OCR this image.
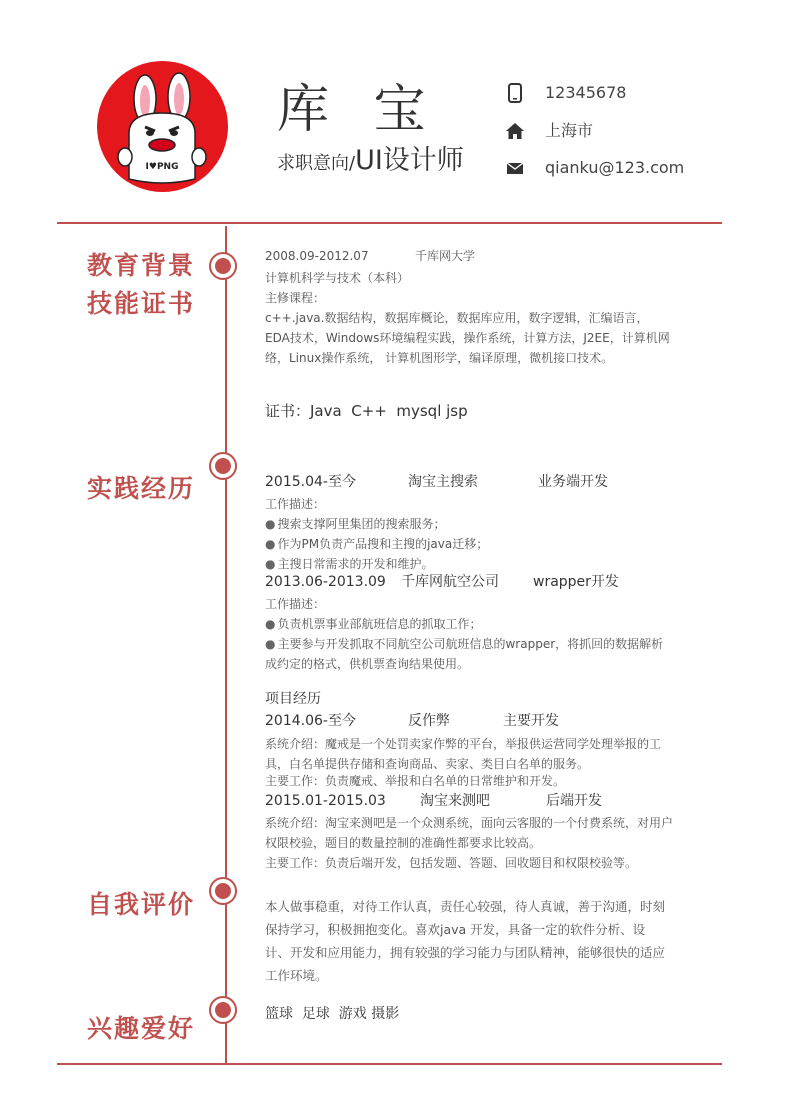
I♥PNG
库 宝
求职意向/UI设计师
12345678
上海市
qianku@123.com
教育背景
技能证书
实践经历
自我评价
兴趣爱好
2008.09-2012.07	千库网大学
计算机科学与技术（本科）
主修课程：
c++.java.数据结构，数据库概论，数据库应用，数字逻辑，汇编语言， EDA技术，Windows环境编程实践，操作系统，计算方法，J2EE，计算机网络，Linux操作系统， 计算机图形学，编译原理，微机接口技术。
证书：Java  C++  mysql jsp
2015.04-至今	淘宝主搜索	业务端开发
工作描述：
● 搜索支撑阿里集团的搜索服务；
● 作为PM负责产品搜和主搜的java迁移；
● 主搜日常需求的开发和维护。
2013.06-2013.09 千库网航空公司 wrapper开发
工作描述：
● 负责机票事业部航班信息的抓取工作；
● 主要参与开发抓取不同航空公司航班信息的wrapper，将抓回的数据解析成约定的格式，供机票查询结果使用。
项目经历
2014.06-至今	反作弊	主要开发
系统介绍：魔戒是一个处罚卖家作弊的平台，举报供运营同学处理举报的工具，白名单提供存储和查询商品、卖家、类目白名单的服务。
主要工作：负责魔戒、举报和白名单的日常维护和开发。
2015.01-2015.03 淘宝来测吧	后端开发
系统介绍：淘宝来测吧是一个众测系统，面向云客服的一个付费系统，对用户权限校验，题目的数量控制的准确性都要求比较高。
主要工作：负责后端开发，包括发题、答题、回收题目和权限校验等。
本人做事稳重，对待工作认真，责任心较强，待人真诚，善于沟通，时刻保持学习，积极拥抱变化。喜欢java 开发，具备一定的软件分析、设计、开发和应用能力，拥有较强的学习能力与团队精神，能够很快的适应工作环境。
篮球  足球  游戏 摄影
